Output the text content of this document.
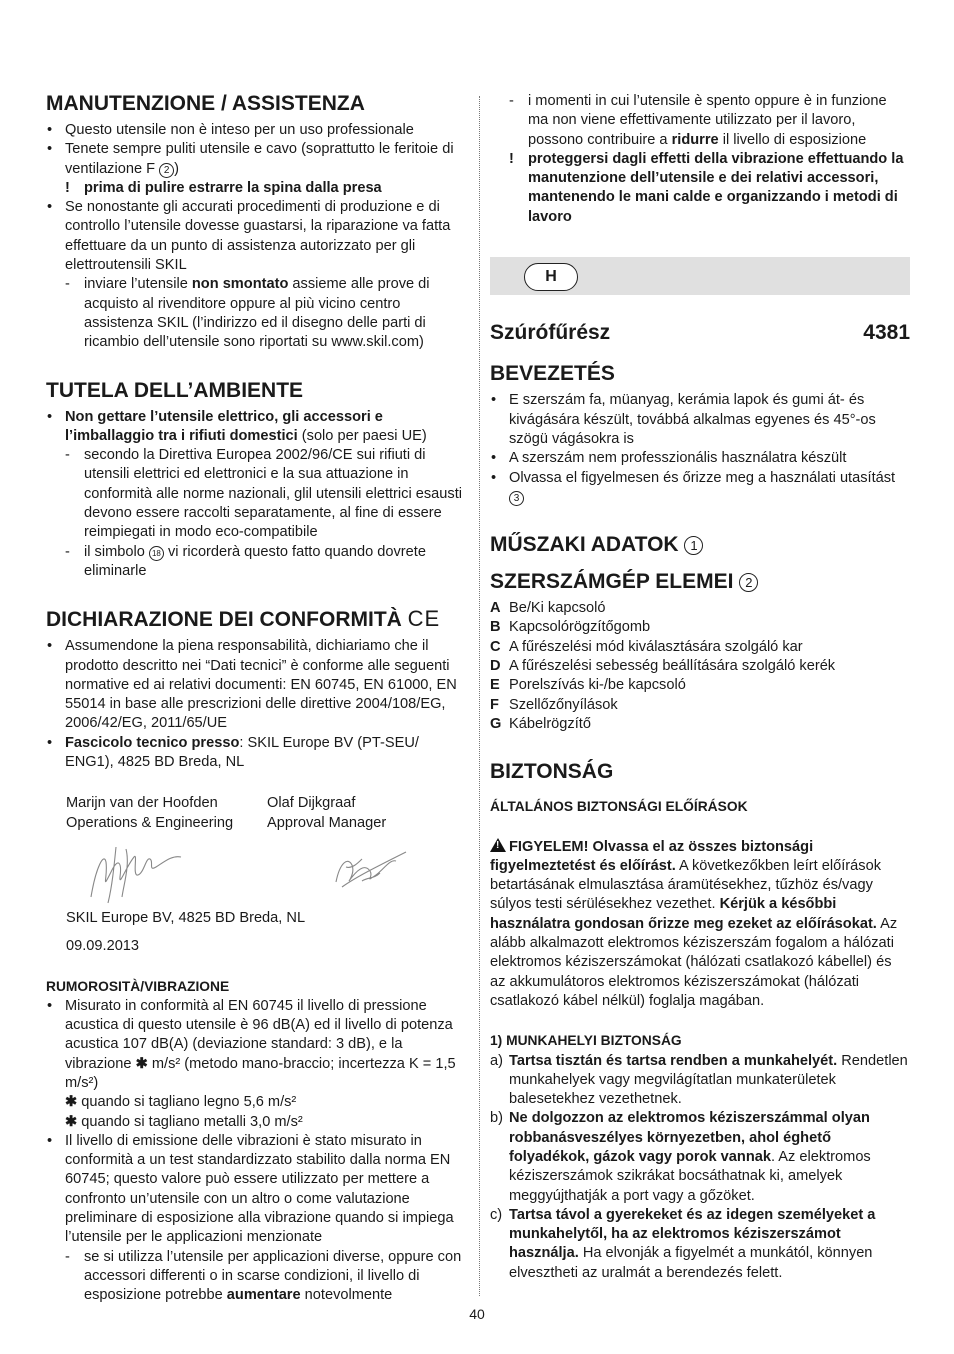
MANUTENZIONE / ASSISTENZA

• Questo utensile non è inteso per un uso professionale

• Tenete sempre puliti utensile e cavo (soprattutto le feritoie di ventilazione F 2 )

! prima di pulire estrarre la spina dalla presa

• Se nonostante gli accurati procedimenti di produzione e di controllo l’utensile dovesse guastarsi, la riparazione va fatta effettuare da un punto di assistenza autorizzato per gli elettroutensili SKIL

- inviare l’utensile non smontato assieme alle prove di acquisto al rivenditore oppure al più vicino centro assistenza SKIL (l’indirizzo ed il disegno delle parti di ricambio dell’utensile sono riportati su www.skil.com)

TUTELA DELL’AMBIENTE

• Non gettare l’utensile elettrico, gli accessori e l’imballaggio tra i rifiuti domestici (solo per paesi UE)

- secondo la Direttiva Europea 2002/96/CE sui rifiuti di utensili elettrici ed elettronici e la sua attuazione in conformità alle norme nazionali, glil utensili elettrici esausti devono essere raccolti separatamente, al fine di essere reimpiegati in modo eco-compatibile

- il simbolo 18 vi ricorderà questo fatto quando dovrete eliminarle

DICHIARAZIONE DEI CONFORMITÀ CE

• Assumendone la piena responsabilità, dichiariamo che il prodotto descritto nei “Dati tecnici” è conforme alle seguenti normative ed ai relativi documenti: EN 60745, EN 61000, EN 55014 in base alle prescrizioni delle direttive 2004/108/EG, 2006/42/EG, 2011/65/UE

• Fascicolo tecnico presso: SKIL Europe BV (PT-SEU/ ENG1), 4825 BD Breda, NL

Marijn van der Hoofden

Operations & Engineering

Olaf Dijkgraaf

Approval Manager

SKIL Europe BV, 4825 BD Breda, NL

09.09.2013

RUMOROSITÀ/VIBRAZIONE

• Misurato in conformità al EN 60745 il livello di pressione acustica di questo utensile è 96 dB(A) ed il livello di potenza acustica 107 dB(A) (deviazione standard: 3 dB), e la vibrazione ✱ m/s² (metodo mano-braccio; incertezza K = 1,5 m/s²)

✱ quando si tagliano legno 5,6 m/s²

✱ quando si tagliano metalli 3,0 m/s²

• Il livello di emissione delle vibrazioni è stato misurato in conformità a un test standardizzato stabilito dalla norma EN 60745; questo valore può essere utilizzato per mettere a confronto un’utensile con un altro o come valutazione preliminare di esposizione alla vibrazione quando si impiega l’utensile per le applicazioni menzionate

- se si utilizza l’utensile per applicazioni diverse, oppure con accessori differenti o in scarse condizioni, il livello di esposizione potrebbe aumentare notevolmente

- i momenti in cui l’utensile è spento oppure è in funzione ma non viene effettivamente utilizzato per il lavoro, possono contribuire a ridurre il livello di esposizione

! proteggersi dagli effetti della vibrazione effettuando la manutenzione dell’utensile e dei relativi accessori, mantenendo le mani calde e organizzando i metodi di lavoro

H
Szúrófűrész	4381
BEVEZETÉS

• E szerszám fa, müanyag, kerámia lapok és gumi át- és kivágására készült, továbbá alkalmas egyenes és 45°-os szögü vágásokra is

• A szerszám nem professzionális használatra készült

• Olvassa el figyelmesen és őrizze meg a használati utasítást 3

MŰSZAKI ADATOK 1
SZERSZÁMGÉP ELEMEI 2

A Be/Ki kapcsoló

B Kapcsolórögzítőgomb

C A fűrészelési mód kiválasztására szolgáló kar

D A fűrészelési sebesség beállítására szolgáló kerék

E Porelszívás ki-/be kapcsoló

F Szellőzőnyílások

G Kábelrögzítő

BIZTONSÁG
ÁLTALÁNOS BIZTONSÁGI ELŐÍRÁSOK

!FIGYELEM! Olvassa el az összes biztonsági figyelmeztetést és előírást. A következőkben leírt előírások betartásának elmulasztása áramütésekhez, tűzhöz és/vagy súlyos testi sérülésekhez vezethet. Kérjük a későbbi használatra gondosan őrizze meg ezeket az előírásokat. Az alább alkalmazott elektromos kéziszerszám fogalom a hálózati elektromos kéziszerszámokat (hálózati csatlakozó kábellel) és az akkumulátoros elektromos kéziszerszámokat (hálózati csatlakozó kábel nélkül) foglalja magában.

1) MUNKAHELYI BIZTONSÁG

a) Tartsa tisztán és tartsa rendben a munkahelyét. Rendetlen munkahelyek vagy megvilágítatlan munkaterületek balesetekhez vezethetnek.

b) Ne dolgozzon az elektromos kéziszerszámmal olyan robbanásveszélyes környezetben, ahol éghető folyadékok, gázok vagy porok vannak. Az elektromos kéziszerszámok szikrákat bocsáthatnak ki, amelyek meggyújthatják a port vagy a gőzöket.

c) Tartsa távol a gyerekeket és az idegen személyeket a munkahelytől, ha az elektromos kéziszerszámot használja. Ha elvonják a figyelmét a munkától, könnyen elvesztheti az uralmát a berendezés felett.

40
